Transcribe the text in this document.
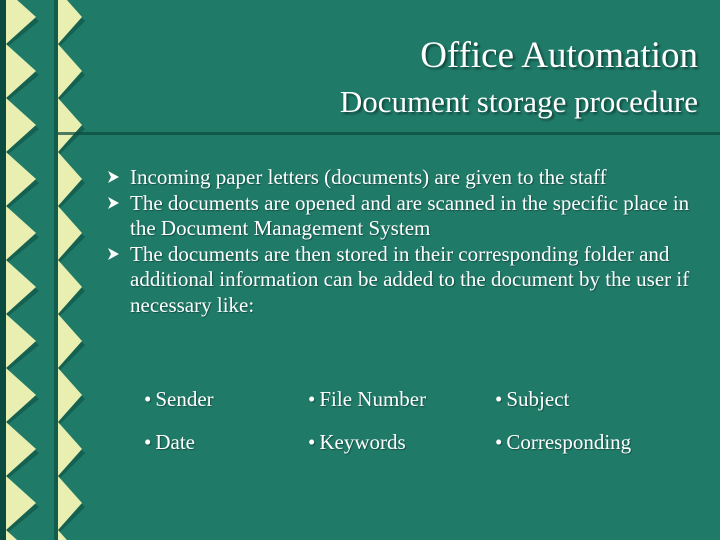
Office Automation
Document storage procedure
Incoming paper letters (documents) are given to the staff
The documents are opened and are scanned in the specific place in the Document Management System
The documents are then stored in their corresponding folder and additional information can be added to the document by the user if necessary like:
• Sender	• File Number	• Subject
• Date	• Keywords	• Corresponding
